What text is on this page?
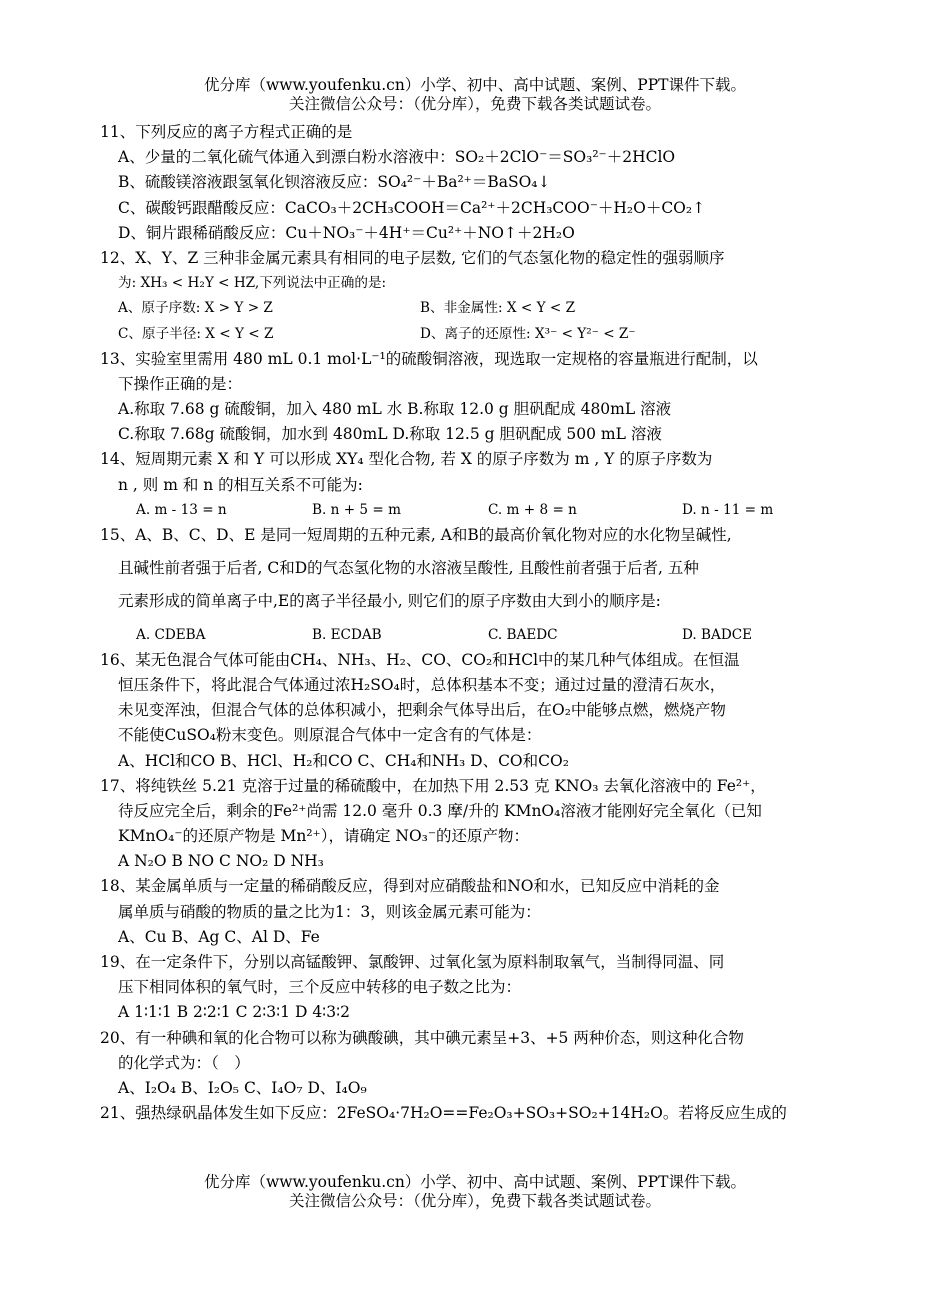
优分库（www.youfenku.cn）小学、初中、高中试题、案例、PPT课件下载。
关注微信公众号：（优分库），免费下载各类试题试卷。
11、下列反应的离子方程式正确的是
A、少量的二氧化硫气体通入到漂白粉水溶液中：SO₂＋2ClO⁻＝SO₃²⁻＋2HClO
B、硫酸镁溶液跟氢氧化钡溶液反应：SO₄²⁻＋Ba²⁺＝BaSO₄↓
C、碳酸钙跟醋酸反应：CaCO₃＋2CH₃COOH＝Ca²⁺＋2CH₃COO⁻＋H₂O＋CO₂↑
D、铜片跟稀硝酸反应：Cu＋NO₃⁻＋4H⁺＝Cu²⁺＋NO↑＋2H₂O
12、X、Y、Z 三种非金属元素具有相同的电子层数, 它们的气态氢化物的稳定性的强弱顺序
为: XH₃ < H₂Y < HZ,下列说法中正确的是:
A、原子序数: X > Y > Z	B、非金属性: X < Y < Z
C、原子半径: X < Y < Z	D、离子的还原性: X³⁻ < Y²⁻ < Z⁻
13、实验室里需用 480 mL 0.1 mol·L⁻¹的硫酸铜溶液，现选取一定规格的容量瓶进行配制，以
下操作正确的是：
A.称取 7.68 g 硫酸铜，加入 480 mL 水 B.称取 12.0 g 胆矾配成 480mL 溶液
C.称取 7.68g 硫酸铜，加水到 480mL D.称取 12.5 g 胆矾配成 500 mL 溶液
14、短周期元素 X 和 Y 可以形成 XY₄ 型化合物, 若 X 的原子序数为 m , Y 的原子序数为
n , 则 m 和 n 的相互关系不可能为:
A. m - 13 = n	B. n + 5 = m	C. m + 8 = n	D. n - 11 = m
15、A、B、C、D、E 是同一短周期的五种元素, A和B的最高价氧化物对应的水化物呈碱性,
且碱性前者强于后者, C和D的气态氢化物的水溶液呈酸性, 且酸性前者强于后者, 五种
元素形成的简单离子中,E的离子半径最小, 则它们的原子序数由大到小的顺序是:
A. CDEBA	B. ECDAB	C. BAEDC	D. BADCE
16、某无色混合气体可能由CH₄、NH₃、H₂、CO、CO₂和HCl中的某几种气体组成。在恒温
恒压条件下，将此混合气体通过浓H₂SO₄时，总体积基本不变；通过过量的澄清石灰水，
未见变浑浊，但混合气体的总体积减小，把剩余气体导出后，在O₂中能够点燃，燃烧产物
不能使CuSO₄粉末变色。则原混合气体中一定含有的气体是：
A、HCl和CO B、HCl、H₂和CO C、CH₄和NH₃ D、CO和CO₂
17、将纯铁丝 5.21 克溶于过量的稀硫酸中，在加热下用 2.53 克 KNO₃ 去氧化溶液中的 Fe²⁺，
待反应完全后，剩余的Fe²⁺尚需 12.0 毫升 0.3 摩/升的 KMnO₄溶液才能刚好完全氧化（已知
KMnO₄⁻的还原产物是 Mn²⁺），请确定 NO₃⁻的还原产物：
A N₂O B NO C NO₂ D NH₃
18、某金属单质与一定量的稀硝酸反应，得到对应硝酸盐和NO和水，已知反应中消耗的金
属单质与硝酸的物质的量之比为1：3，则该金属元素可能为：
A、Cu B、Ag C、Al D、Fe
19、在一定条件下，分别以高锰酸钾、氯酸钾、过氧化氢为原料制取氧气，当制得同温、同
压下相同体积的氧气时，三个反应中转移的电子数之比为：
A 1∶1∶1 B 2∶2∶1 C 2∶3∶1 D 4∶3∶2
20、有一种碘和氧的化合物可以称为碘酸碘，其中碘元素呈+3、+5 两种价态，则这种化合物
的化学式为：（　）
A、I₂O₄ B、I₂O₅ C、I₄O₇ D、I₄O₉
21、强热绿矾晶体发生如下反应：2FeSO₄·7H₂O==Fe₂O₃+SO₃+SO₂+14H₂O。若将反应生成的
优分库（www.youfenku.cn）小学、初中、高中试题、案例、PPT课件下载。
关注微信公众号：（优分库），免费下载各类试题试卷。
